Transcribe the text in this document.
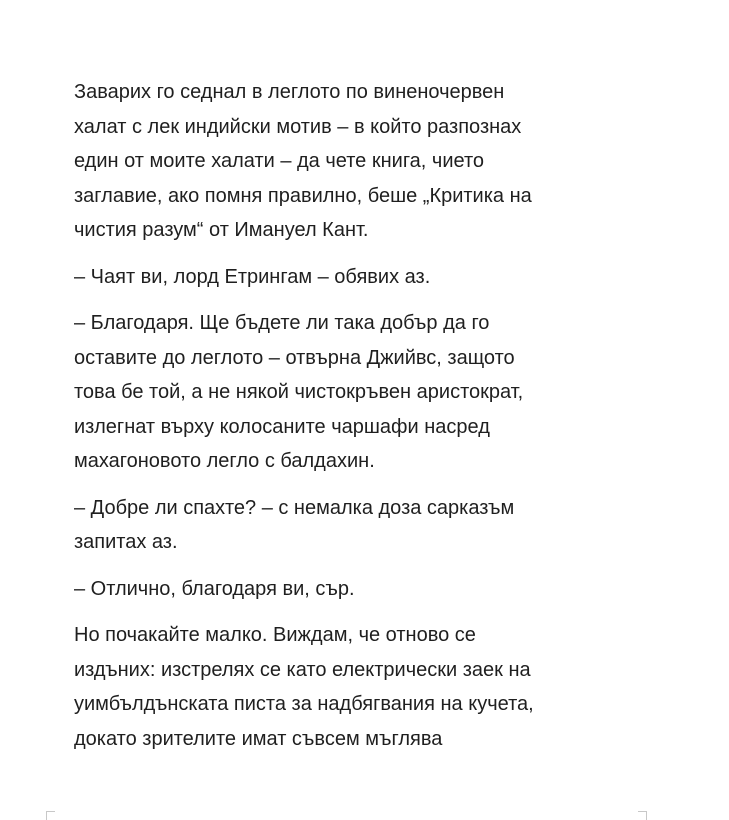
Заварих го седнал в леглото по виненочервен
халат с лек индийски мотив – в който разпознах
един от моите халати – да чете книга, чието
заглавие, ако помня правилно, беше „Критика на
чистия разум“ от Имануел Кант.

– Чаят ви, лорд Етрингам – обявих аз.

– Благодаря. Ще бъдете ли така добър да го
оставите до леглото – отвърна Джийвс, защото
това бе той, а не някой чистокръвен аристократ,
излегнат върху колосаните чаршафи насред
махагоновото легло с балдахин.

– Добре ли спахте? – с немалка доза сарказъм
запитах аз.

– Отлично, благодаря ви, сър.

Но почакайте малко. Виждам, че отново се
издъних: изстрелях се като електрически заек на
уимбълдънската писта за надбягвания на кучета,
докато зрителите имат съвсем мъглява
